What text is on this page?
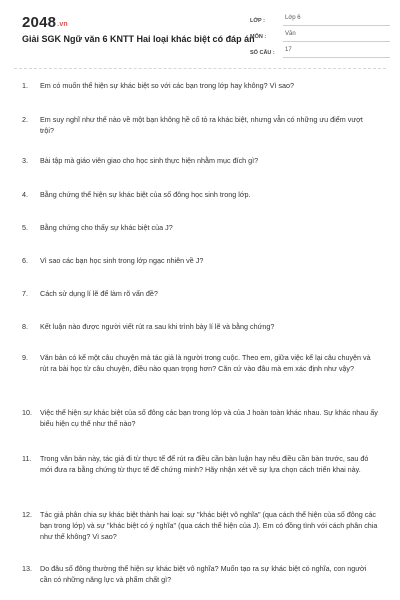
2048.vn
Giải SGK Ngữ văn 6 KNTT Hai loại khác biệt có đáp án
LỚP :	Lớp 6
MÔN :	Văn
SỐ CÂU :	17
1.	Em có muốn thể hiện sự khác biệt so với các bạn trong lớp hay không? Vì sao?
2.	Em suy nghĩ như thế nào về một bạn không hề cố tỏ ra khác biệt, nhưng vẫn có những ưu điểm vượt trội?
3.	Bài tập mà giáo viên giao cho học sinh thực hiện nhằm mục đích gì?
4.	Bằng chứng thể hiện sự khác biệt của số đông học sinh trong lớp.
5.	Bằng chứng cho thấy sự khác biệt của J?
6.	Vì sao các bạn học sinh trong lớp ngạc nhiên về J?
7.	Cách sử dụng lí lẽ để làm rõ vấn đề?
8.	Kết luận nào được người viết rút ra sau khi trình bày lí lẽ và bằng chứng?
9.	Văn bản có kể một câu chuyện mà tác giả là người trong cuộc. Theo em, giữa việc kể lại câu chuyện và rút ra bài học từ câu chuyện, điều nào quan trọng hơn? Căn cứ vào đâu mà em xác định như vậy?
10.	Việc thể hiện sự khác biệt của số đông các bạn trong lớp và của J hoàn toàn khác nhau. Sự khác nhau ấy biểu hiện cụ thể như thế nào?
11.	Trong văn bản này, tác giả đi từ thực tế để rút ra điều cần bàn luận hay nêu điều cần bàn trước, sau đó mới đưa ra bằng chứng từ thực tế để chứng minh? Hãy nhận xét về sự lựa chọn cách triển khai này.
12.	Tác giả phân chia sự khác biệt thành hai loại: sự "khác biệt vô nghĩa" (qua cách thể hiện của số đông các bạn trong lớp) và sự "khác biệt có ý nghĩa" (qua cách thể hiện của J). Em có đồng tình với cách phân chia như thế không? Vì sao?
13.	Do đâu số đông thường thể hiện sự khác biệt vô nghĩa? Muốn tạo ra sự khác biệt có nghĩa, con người cần có những năng lực và phẩm chất gì?
